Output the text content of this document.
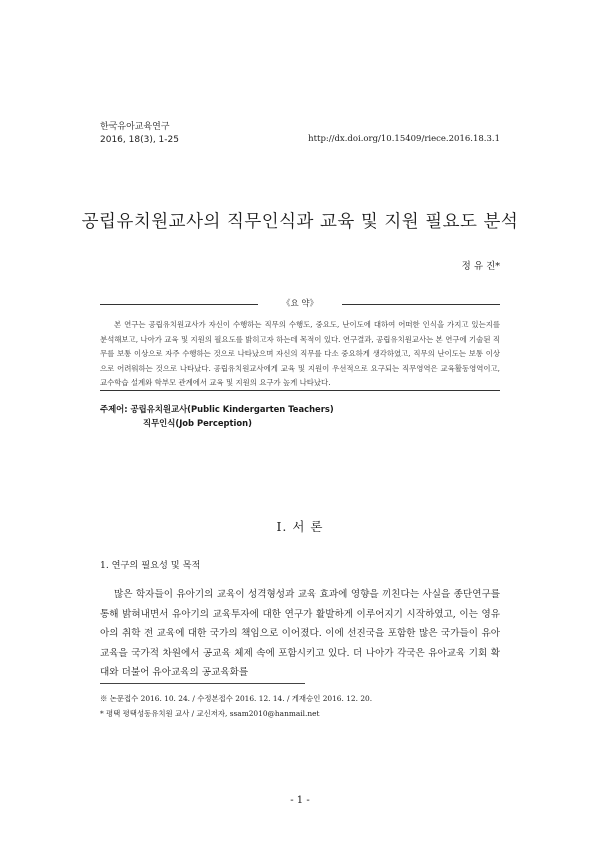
한국유아교육연구
2016, 18(3), 1-25	http://dx.doi.org/10.15409/riece.2016.18.3.1
공립유치원교사의 직무인식과 교육 및 지원 필요도 분석
정 유 진*
《요 약》
본 연구는 공립유치원교사가 자신이 수행하는 직무의 수행도, 중요도, 난이도에 대하여 어떠한 인식을 가지고 있는지를 분석해보고, 나아가 교육 및 지원의 필요도를 밝히고자 하는데 목적이 있다. 연구결과, 공립유치원교사는 본 연구에 기술된 직무를 보통 이상으로 자주 수행하는 것으로 나타났으며 자신의 직무를 다소 중요하게 생각하였고, 직무의 난이도는 보통 이상으로 어려워하는 것으로 나타났다. 공립유치원교사에게 교육 및 지원이 우선적으로 요구되는 직무영역은 교육활동영역이고, 교수학습 설계와 학부모 관계에서 교육 및 지원의 요구가 높게 나타났다.
주제어: 공립유치원교사(Public Kindergarten Teachers)
직무인식(Job Perception)
Ⅰ. 서 론
1. 연구의 필요성 및 목적
많은 학자들이 유아기의 교육이 성격형성과 교육 효과에 영향을 끼친다는 사실을 종단연구를 통해 밝혀내면서 유아기의 교육투자에 대한 연구가 활발하게 이루어지기 시작하였고, 이는 영유아의 취학 전 교육에 대한 국가의 책임으로 이어졌다. 이에 선진국을 포함한 많은 국가들이 유아교육을 국가적 차원에서 공교육 체제 속에 포함시키고 있다. 더 나아가 각국은 유아교육 기회 확대와 더불어 유아교육의 공교육화를
※ 논문접수 2016. 10. 24. / 수정본접수 2016. 12. 14. / 게재승인 2016. 12. 20.
* 평택 평택성동유치원 교사 / 교신저자, ssam2010@hanmail.net
- 1 -
